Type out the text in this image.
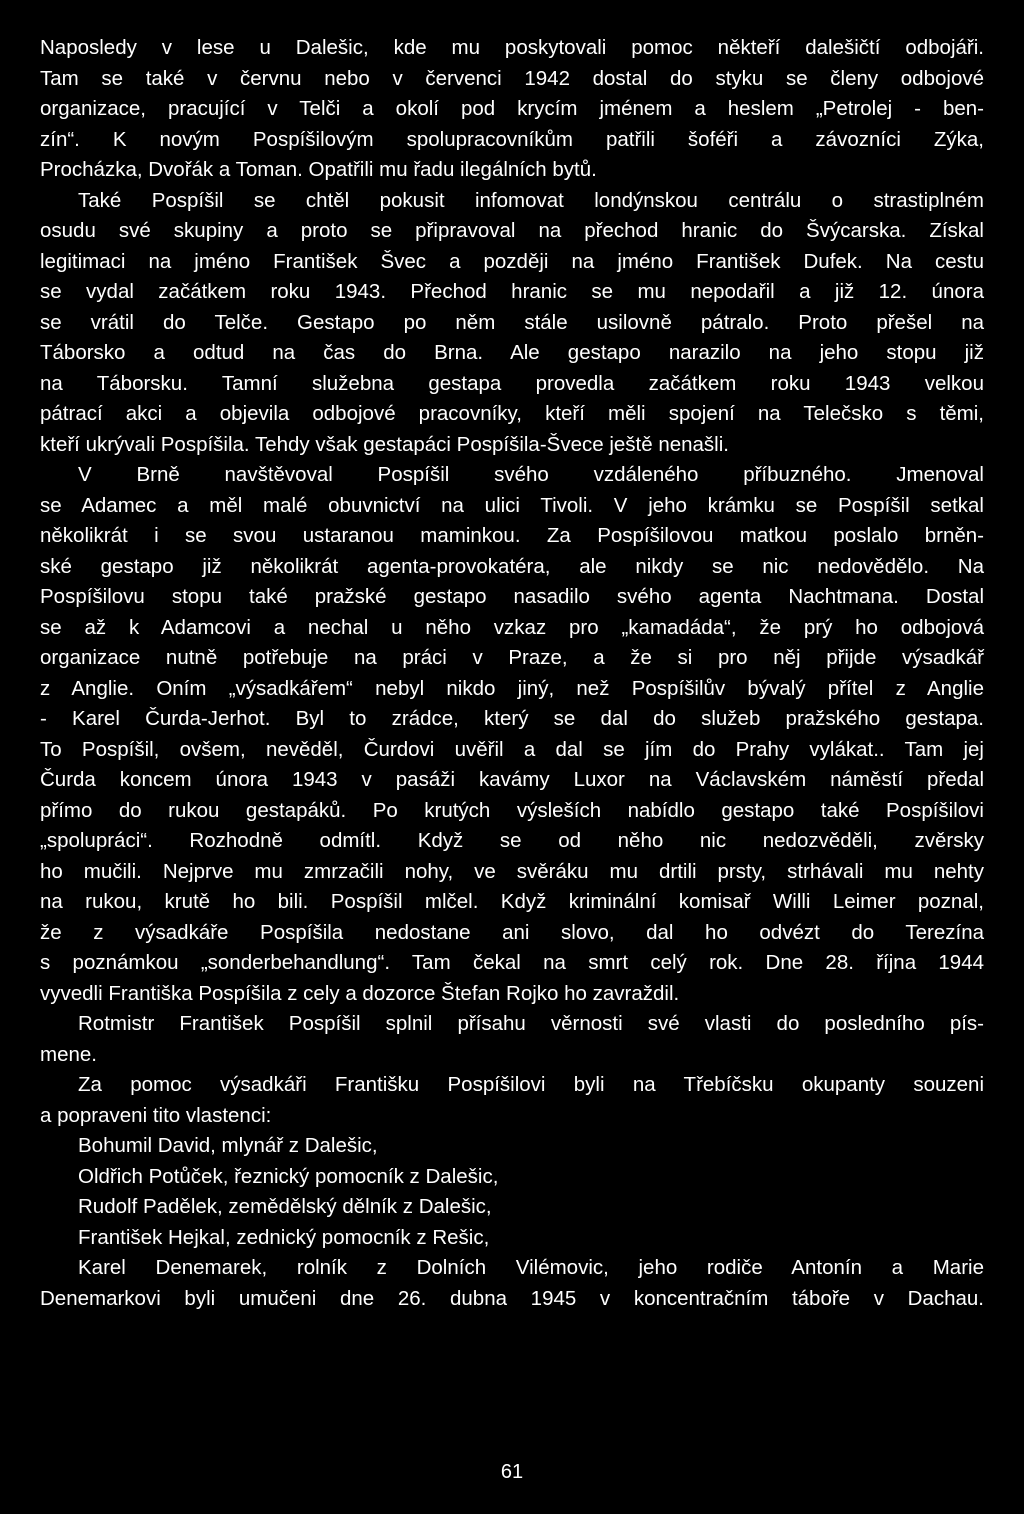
Naposledy v lese u Dalešic, kde mu poskytovali pomoc někteří dalešičtí odbojáři.
Tam se také v červnu nebo v červenci 1942 dostal do styku se členy odbojové
organizace, pracující v Telči a okolí pod krycím jménem a heslem „Petrolej - ben-
zín“. K novým Pospíšilovým spolupracovníkům patřili šoféři a závozníci Zýka,
Procházka, Dvořák a Toman. Opatřili mu řadu ilegálních bytů.
Také Pospíšil se chtěl pokusit infomovat londýnskou centrálu o strastiplném
osudu své skupiny a proto se připravoval na přechod hranic do Švýcarska. Získal
legitimaci na jméno František Švec a později na jméno František Dufek. Na cestu
se vydal začátkem roku 1943. Přechod hranic se mu nepodařil a již 12. února
se vrátil do Telče. Gestapo po něm stále usilovně pátralo. Proto přešel na
Táborsko a odtud na čas do Brna. Ale gestapo narazilo na jeho stopu již
na Táborsku. Tamní služebna gestapa provedla začátkem roku 1943 velkou
pátrací akci a objevila odbojové pracovníky, kteří měli spojení na Telečsko s těmi,
kteří ukrývali Pospíšila. Tehdy však gestapáci Pospíšila-Švece ještě nenašli.
V Brně navštěvoval Pospíšil svého vzdáleného příbuzného. Jmenoval
se Adamec a měl malé obuvnictví na ulici Tivoli. V jeho krámku se Pospíšil setkal
několikrát i se svou ustaranou maminkou. Za Pospíšilovou matkou poslalo brněn-
ské gestapo již několikrát agenta-provokatéra, ale nikdy se nic nedovědělo. Na
Pospíšilovu stopu také pražské gestapo nasadilo svého agenta Nachtmana. Dostal
se až k Adamcovi a nechal u něho vzkaz pro „kamadáda“, že prý ho odbojová
organizace nutně potřebuje na práci v Praze, a že si pro něj přijde výsadkář
z Anglie. Oním „výsadkářem“ nebyl nikdo jiný, než Pospíšilův bývalý přítel z Anglie
- Karel Čurda-Jerhot. Byl to zrádce, který se dal do služeb pražského gestapa.
To Pospíšil, ovšem, nevěděl, Čurdovi uvěřil a dal se jím do Prahy vylákat.. Tam jej
Čurda koncem února 1943 v pasáži kavámy Luxor na Václavském náměstí předal
přímo do rukou gestapáků. Po krutých výsleších nabídlo gestapo také Pospíšilovi
„spolupráci“. Rozhodně odmítl. Když se od něho nic nedozvěděli, zvěrsky
ho mučili. Nejprve mu zmrzačili nohy, ve svěráku mu drtili prsty, strhávali mu nehty
na rukou, krutě ho bili. Pospíšil mlčel. Když kriminální komisař Willi Leimer poznal,
že z výsadkáře Pospíšila nedostane ani slovo, dal ho odvézt do Terezína
s poznámkou „sonderbehandlung“. Tam čekal na smrt celý rok. Dne 28. října 1944
vyvedli Františka Pospíšila z cely a dozorce Štefan Rojko ho zavraždil.
Rotmistr František Pospíšil splnil přísahu věrnosti své vlasti do posledního pís-
mene.
Za pomoc výsadkáři Františku Pospíšilovi byli na Třebíčsku okupanty souzeni
a popraveni tito vlastenci:
Bohumil David, mlynář z Dalešic,
Oldřich Potůček, řeznický pomocník z Dalešic,
Rudolf Padělek, zemědělský dělník z Dalešic,
František Hejkal, zednický pomocník z Rešic,
Karel Denemarek, rolník z Dolních Vilémovic, jeho rodiče Antonín a Marie
Denemarkovi byli umučeni dne 26. dubna 1945 v koncentračním táboře v Dachau.
61
